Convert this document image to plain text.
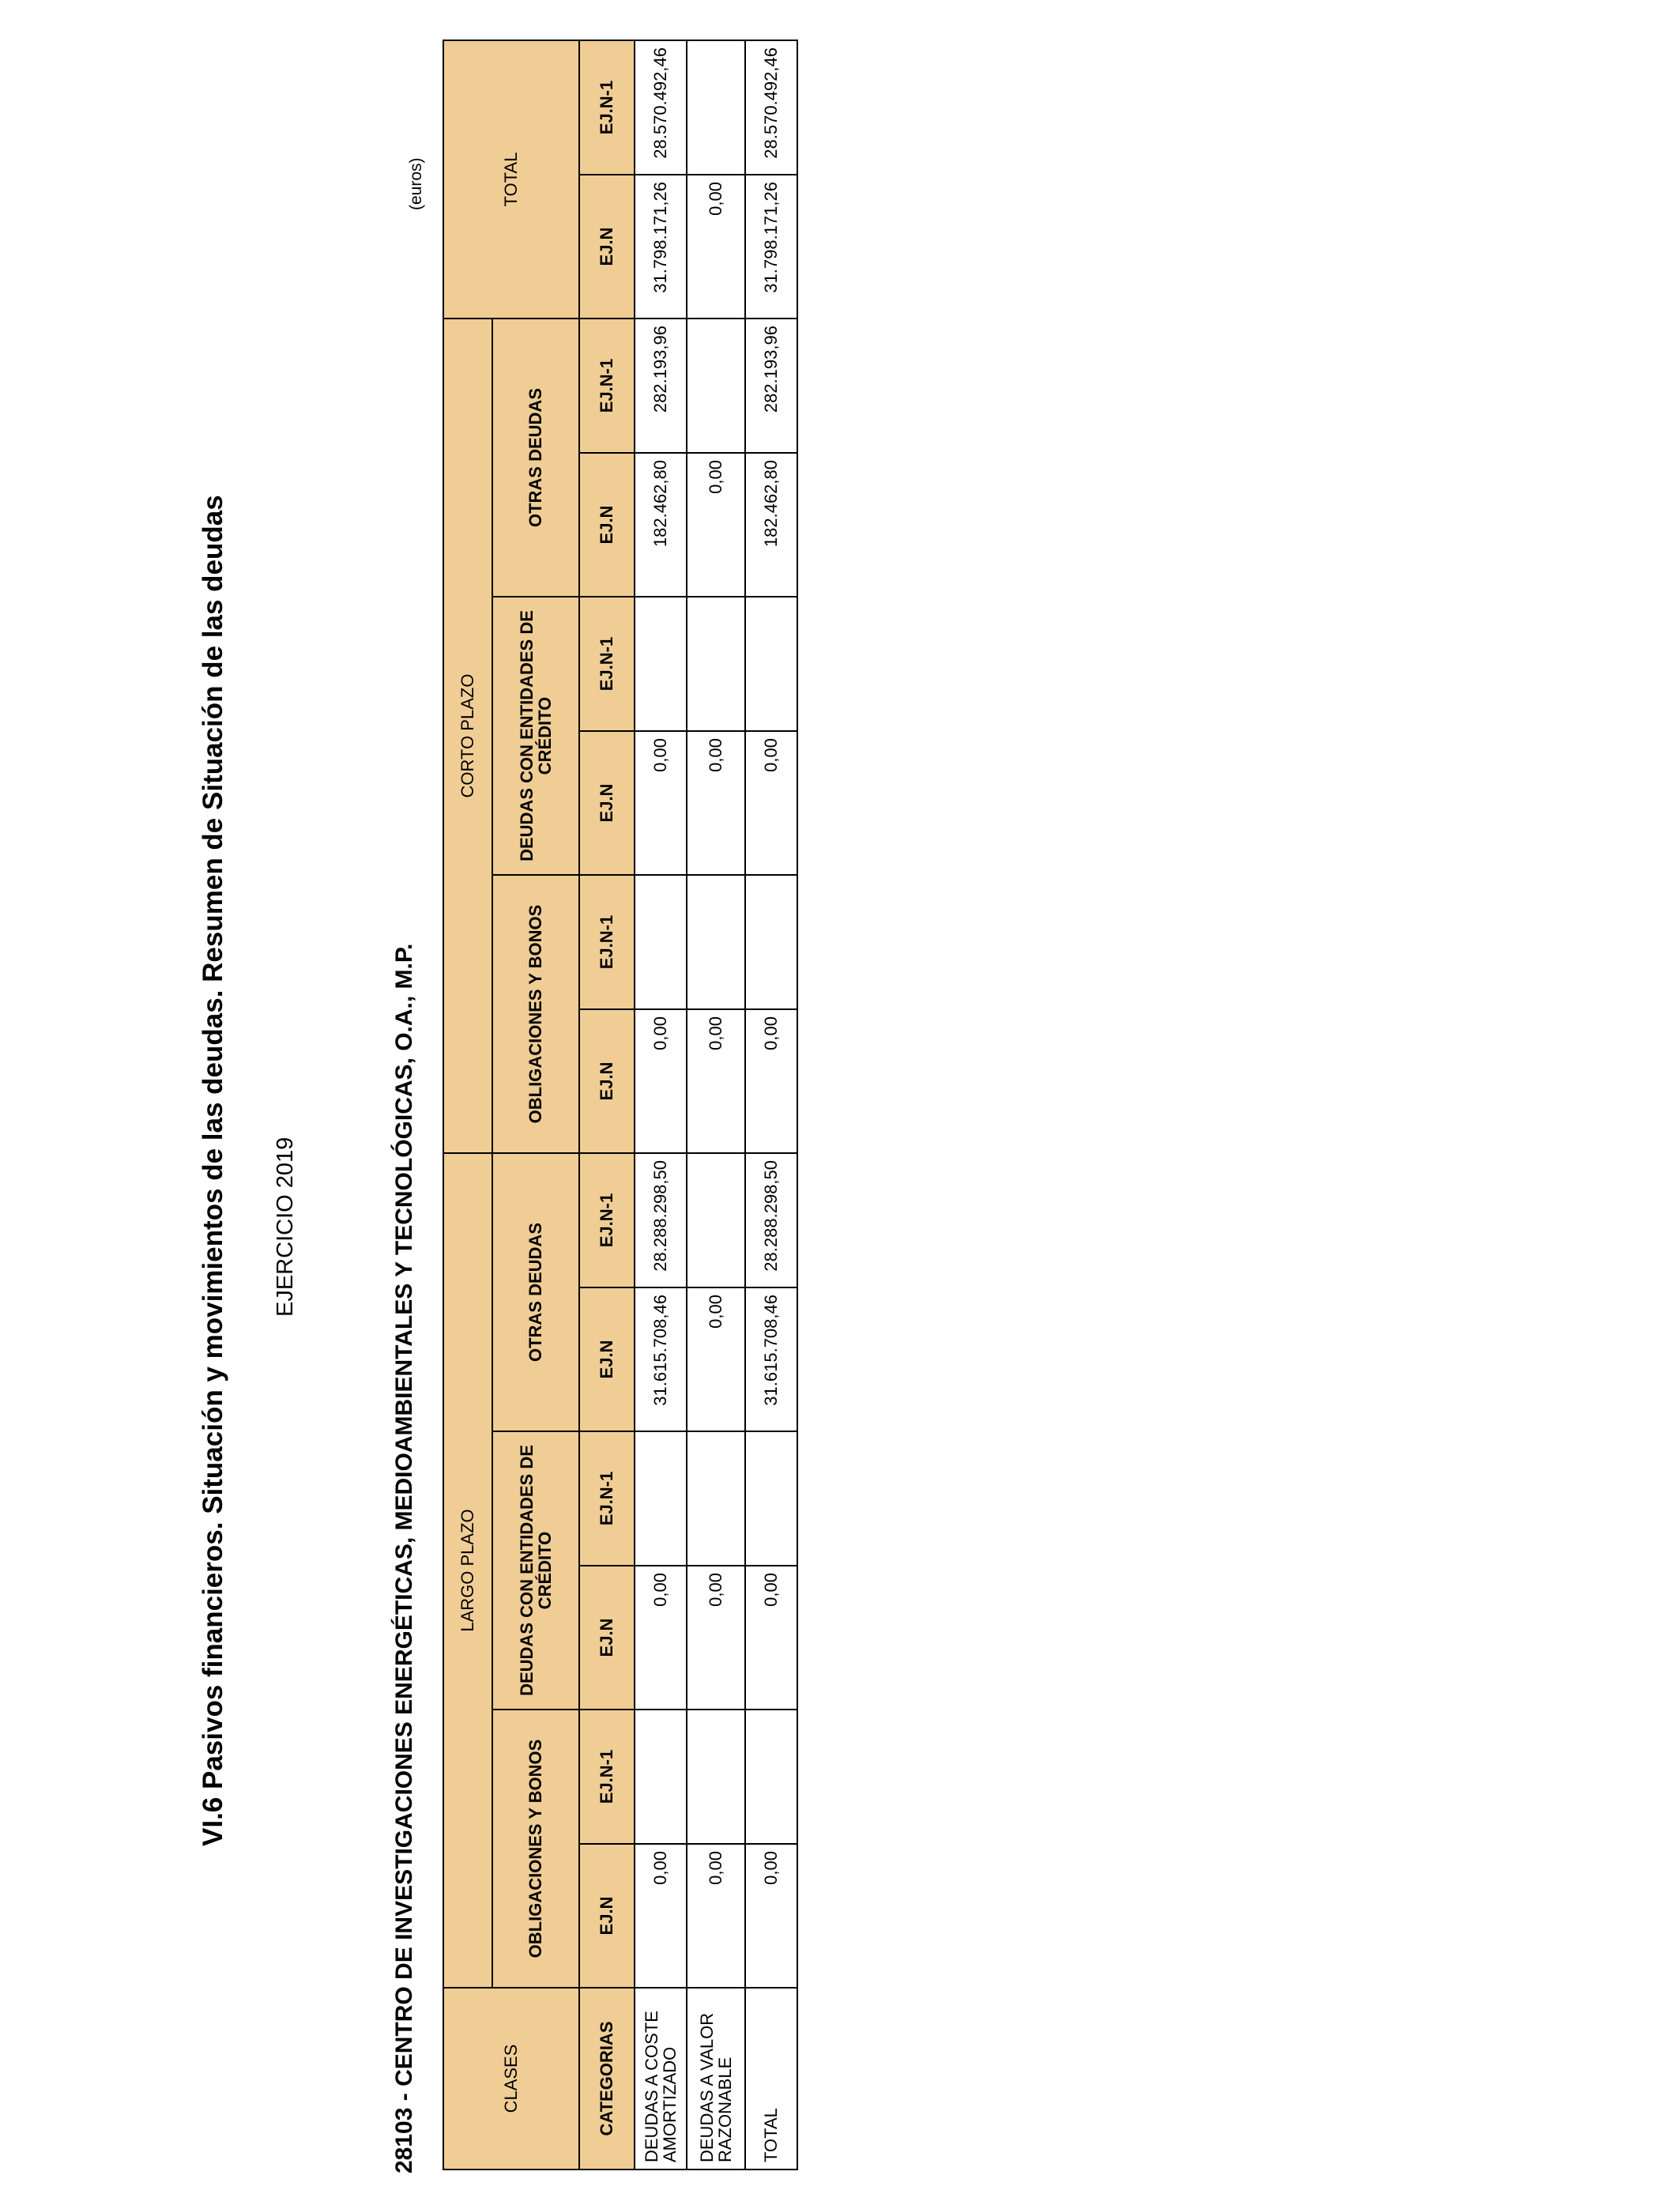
VI.6 Pasivos financieros. Situación y movimientos de las deudas. Resumen de Situación de las deudas EJERCICIO 2019	28103 - CENTRO DE INVESTIGACIONES ENERGÉTICAS, MEDIOAMBIENTALES Y TECNOLÓGICAS, O.A., M.P.
(euros)
CLASES	LARGO PLAZO						CORTO PLAZO						TOTAL	
	OBLIGACIONES Y BONOS		DEUDAS CON ENTIDADES DE CRÉDITO		OTRAS DEUDAS		OBLIGACIONES Y BONOS		DEUDAS CON ENTIDADES DE CRÉDITO		OTRAS DEUDAS			
CATEGORIAS	EJ.N	EJ.N-1	EJ.N	EJ.N-1	EJ.N	EJ.N-1	EJ.N	EJ.N-1	EJ.N	EJ.N-1	EJ.N	EJ.N-1	EJ.N	EJ.N-1
DEUDAS A COSTE AMORTIZADO	0,00		0,00		31.615.708,46	28.288.298,50	0,00		0,00		182.462,80	282.193,96	31.798.171,26	28.570.492,46
DEUDAS A VALOR RAZONABLE	0,00		0,00		0,00		0,00		0,00		0,00		0,00	
TOTAL	0,00		0,00		31.615.708,46	28.288.298,50	0,00		0,00		182.462,80	282.193,96	31.798.171,26	28.570.492,46
